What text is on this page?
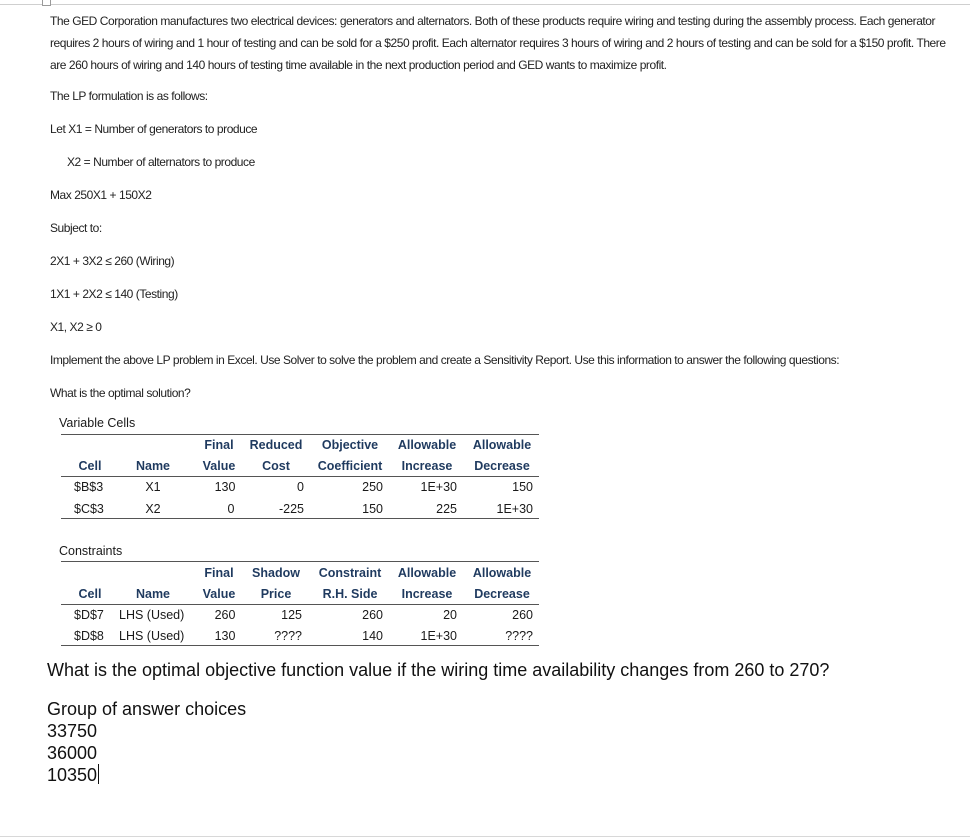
The GED Corporation manufactures two electrical devices: generators and alternators. Both of these products require wiring and testing during the assembly process. Each generator requires 2 hours of wiring and 1 hour of testing and can be sold for a $250 profit. Each alternator requires 3 hours of wiring and 2 hours of testing and can be sold for a $150 profit. There are 260 hours of wiring and 140 hours of testing time available in the next production period and GED wants to maximize profit.

The LP formulation is as follows:
Let X1 = Number of generators to produce
X2 = Number of alternators to produce
Max 250X1 + 150X2
Subject to:
2X1 + 3X2 ≤ 260 (Wiring)
1X1 + 2X2 ≤ 140 (Testing)
X1, X2 ≥ 0
Implement the above LP problem in Excel. Use Solver to solve the problem and create a Sensitivity Report. Use this information to answer the following questions:
What is the optimal solution?
Variable Cells
Final	Reduced	Objective	Allowable	Allowable
Cell	Name	Value	Cost	Coefficient	Increase	Decrease
$B$3	X1	130	0	250	1E+30	150
$C$3	X2	0	-225	150	225	1E+30
Constraints
Final	Shadow	Constraint	Allowable	Allowable
Cell	Name	Value	Price	R.H. Side	Increase	Decrease
$D$7 LHS (Used)	260	125	260	20	260
$D$8 LHS (Used)	130	????	140	1E+30	????
What is the optimal objective function value if the wiring time availability changes from 260 to 270?
Group of answer choices
33750
36000
10350
